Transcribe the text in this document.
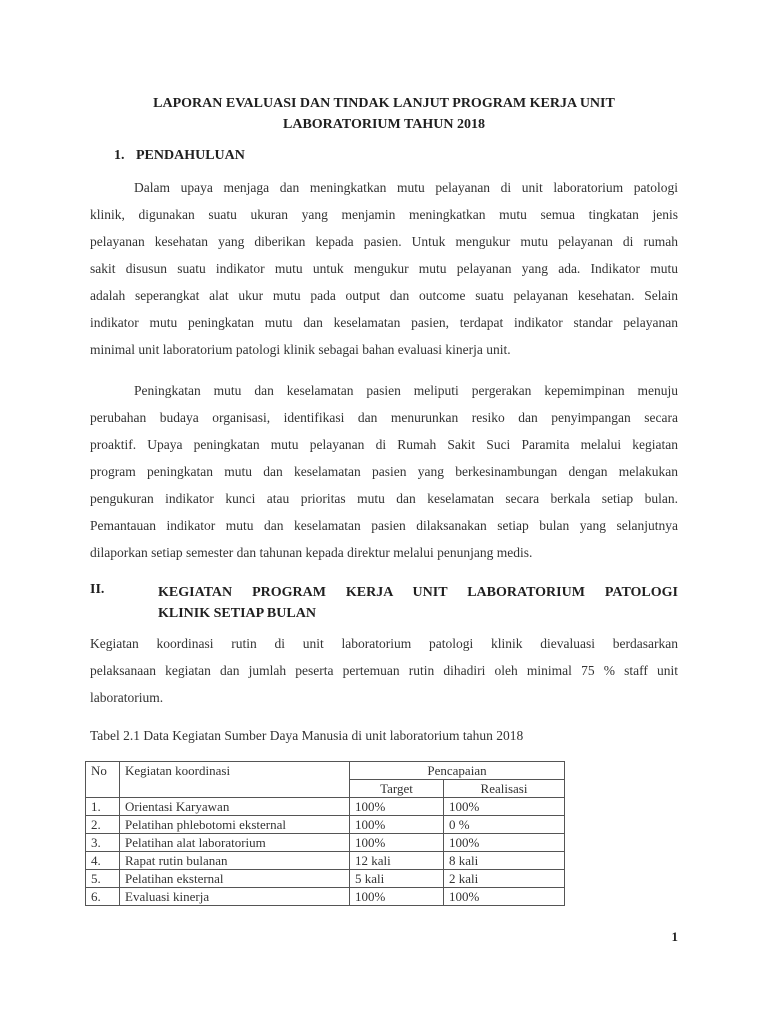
LAPORAN EVALUASI DAN TINDAK LANJUT PROGRAM KERJA UNIT
LABORATORIUM TAHUN 2018
1. PENDAHULUAN
Dalam upaya menjaga dan meningkatkan mutu pelayanan di unit laboratorium patologi
klinik, digunakan suatu ukuran yang menjamin meningkatkan mutu semua tingkatan jenis
pelayanan kesehatan yang diberikan kepada pasien. Untuk mengukur mutu pelayanan di rumah
sakit disusun suatu indikator mutu untuk mengukur mutu pelayanan yang ada. Indikator mutu
adalah seperangkat alat ukur mutu pada output dan outcome suatu pelayanan kesehatan. Selain
indikator mutu peningkatan mutu dan keselamatan pasien, terdapat indikator standar pelayanan
minimal unit laboratorium patologi klinik sebagai bahan evaluasi kinerja unit.
Peningkatan mutu dan keselamatan pasien meliputi pergerakan kepemimpinan menuju
perubahan budaya organisasi, identifikasi dan menurunkan resiko dan penyimpangan secara
proaktif. Upaya peningkatan mutu pelayanan di Rumah Sakit Suci Paramita melalui kegiatan
program peningkatan mutu dan keselamatan pasien yang berkesinambungan dengan melakukan
pengukuran indikator kunci atau prioritas mutu dan keselamatan secara berkala setiap bulan.
Pemantauan indikator mutu dan keselamatan pasien dilaksanakan setiap bulan yang selanjutnya
dilaporkan setiap semester dan tahunan kepada direktur melalui penunjang medis.
II.	KEGIATAN PROGRAM KERJA UNIT LABORATORIUM PATOLOGI
KLINIK SETIAP BULAN
Kegiatan koordinasi rutin di unit laboratorium patologi klinik dievaluasi berdasarkan
pelaksanaan kegiatan dan jumlah peserta pertemuan rutin dihadiri oleh minimal 75 % staff unit
laboratorium.
Tabel 2.1 Data Kegiatan Sumber Daya Manusia di unit laboratorium tahun 2018
No	Kegiatan koordinasi	Pencapaian	
		Target	Realisasi
1.	Orientasi Karyawan	100%	100%
2.	Pelatihan phlebotomi eksternal	100%	0 %
3.	Pelatihan alat laboratorium	100%	100%
4.	Rapat rutin bulanan	12 kali	8 kali
5.	Pelatihan eksternal	5 kali	2 kali
6.	Evaluasi kinerja	100%	100%
1
